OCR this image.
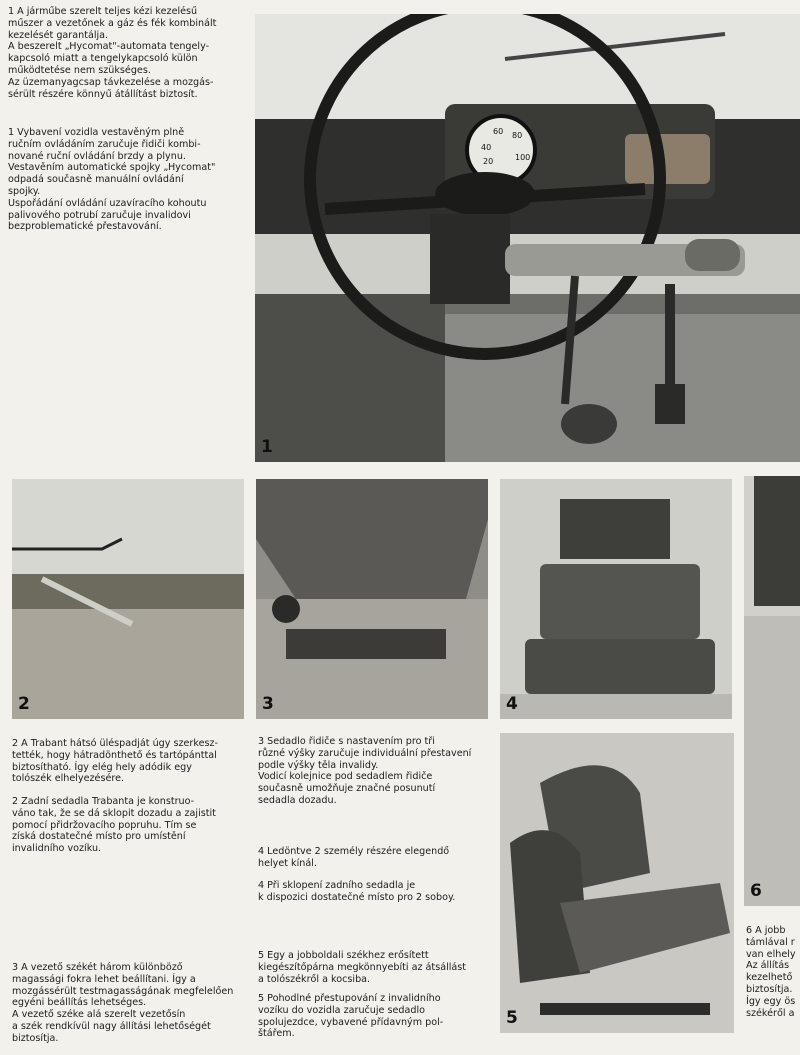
1 A járműbe szerelt teljes kézi kezelésű
műszer a vezetőnek a gáz és fék kombinált
kezelését garantálja.
A beszerelt „Hycomat"-automata tengely-
kapcsoló miatt a tengelykapcsoló külön
működtetése nem szükséges.
Az üzemanyagcsap távkezelése a mozgás-
sérült részére könnyű átállítást biztosít.

1 Vybavení vozidla vestavěným plně
ručním ovládáním zaručuje řidiči kombi-
nované ruční ovládání brzdy a plynu.
Vestavěním automatické spojky „Hycomat"
odpadá současně manuální ovládání
spojky.
Uspořádání ovládání uzavíracího kohoutu
palivového potrubí zaručuje invalidovi
bezproblematické přestavování.

20
40
60 80
100
1
2	3	4
6
5

2 A Trabant hátsó üléspadját úgy szerkesz-
tették, hogy hátradönthető és tartópánttal
biztosítható. Így elég hely adódik egy
tolószék elhelyezésére.

2 Zadní sedadla Trabanta je konstruo-
váno tak, že se dá sklopit dozadu a zajistit
pomocí přidržovacího popruhu. Tím se
získá dostatečné místo pro umístění
invalidního vozíku.

3 A vezető székét három különböző
magassági fokra lehet beállítani. Így a
mozgássérült testmagasságának megfelelően
egyéni beállítás lehetséges.
A vezető széke alá szerelt vezetősín
a szék rendkívül nagy állítási lehetőségét
biztosítja.

3 Sedadlo řidiče s nastavením pro tři
různé výšky zaručuje individuální přestavení
podle výšky těla invalidy.
Vodicí kolejnice pod sedadlem řidiče
současně umožňuje značné posunutí
sedadla dozadu.

4 Ledöntve 2 személy részére elegendő
helyet kínál.

4 Při sklopení zadního sedadla je
k dispozici dostatečné místo pro 2 soboy.

5 Egy a jobboldali székhez erősített
kiegészítőpárna megkönnyebíti az átsállást
a tolószékről a kocsiba.

5 Pohodlné přestupování z invalidního
vozíku do vozidla zaručuje sedadlo
spolujezdce, vybavené přídavným pol-
štářem.

6 A jobb
támlával r
van elhely
Az állítás
kezelhető
biztosítja.
Így egy ös
székéről a
